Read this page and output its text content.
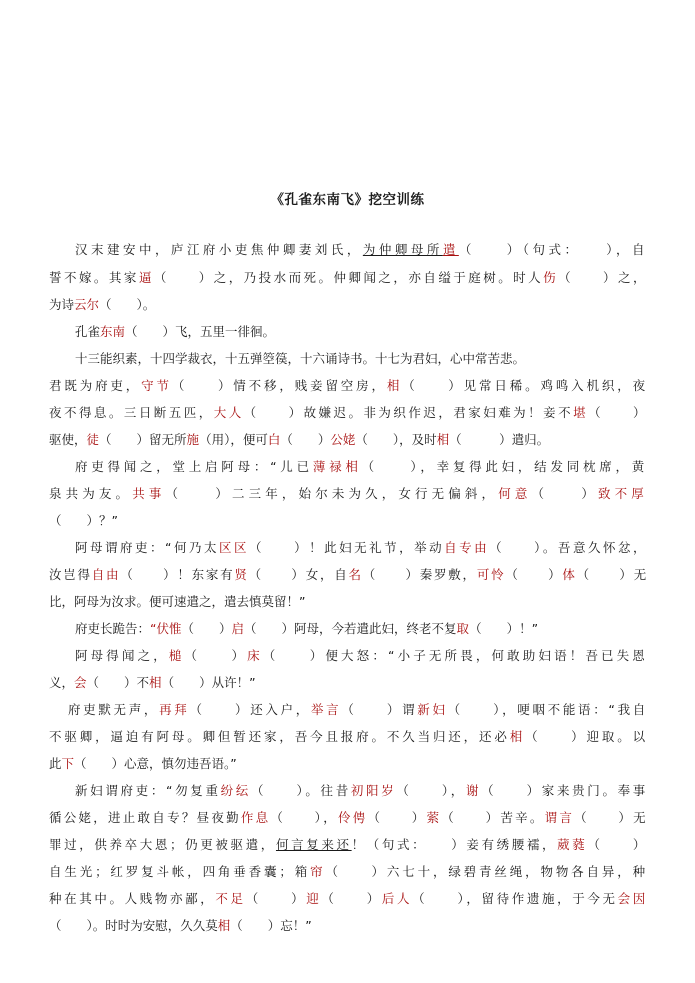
《孔雀东南飞》挖空训练

汉末建安中，庐江府小吏焦仲卿妻刘氏，为仲卿母所遣（　　）（句式：　　），自

誓不嫁。其家逼（　　）之，乃投水而死。仲卿闻之，亦自缢于庭树。时人伤（　　）之，

为诗云尔（　　）。

孔雀东南（　　）飞，五里一徘徊。

十三能织素，十四学裁衣，十五弹箜篌，十六诵诗书。十七为君妇，心中常苦悲。

君既为府吏，守节（　　）情不移，贱妾留空房，相（　　）见常日稀。鸡鸣入机织，夜

夜不得息。三日断五匹，大人（　　）故嫌迟。非为织作迟，君家妇难为！妾不堪（　　）

驱使，徒（　　）留无所施（用），便可白（　　）公姥（　　），及时相（　　　）遣归。

府吏得闻之，堂上启阿母：“儿已薄禄相（　　），幸复得此妇，结发同枕席，黄

泉共为友。共事（　　）二三年，始尔未为久，女行无偏斜，何意（　　）致不厚

（　　）？”

阿母谓府吏：“何乃太区区（　　）！此妇无礼节，举动自专由（　　）。吾意久怀忿，

汝岂得自由（　　）！东家有贤（　　）女，自名（　　）秦罗敷，可怜（　　）体（　　）无

比，阿母为汝求。便可速遣之，遣去慎莫留！”

府吏长跪告：“伏惟（　　）启（　　）阿母，今若遣此妇，终老不复取（　　）！”

阿母得闻之，槌（　　）床（　　）便大怒：“小子无所畏，何敢助妇语！吾已失恩

义，会（　　）不相（　　）从许！”

府吏默无声，再拜（　　）还入户，举言（　　）谓新妇（　　），哽咽不能语：“我自

不驱卿，逼迫有阿母。卿但暂还家，吾今且报府。不久当归还，还必相（　　）迎取。以

此下（　　）心意，慎勿违吾语。”

新妇谓府吏：“勿复重纷纭（　　）。往昔初阳岁（　　），谢（　　）家来贵门。奉事

循公姥，进止敢自专？昼夜勤作息（　　），伶俜（　　）萦（　　）苦辛。谓言（　　）无

罪过，供养卒大恩；仍更被驱遣，何言复来还！（句式：　　）妾有绣腰襦，葳蕤（　　）

自生光；红罗复斗帐，四角垂香囊；箱帘（　　）六七十，绿碧青丝绳，物物各自异，种

种在其中。人贱物亦鄙，不足（　　）迎（　　）后人（　　），留待作遗施，于今无会因

（　　）。时时为安慰，久久莫相（　　）忘！”
